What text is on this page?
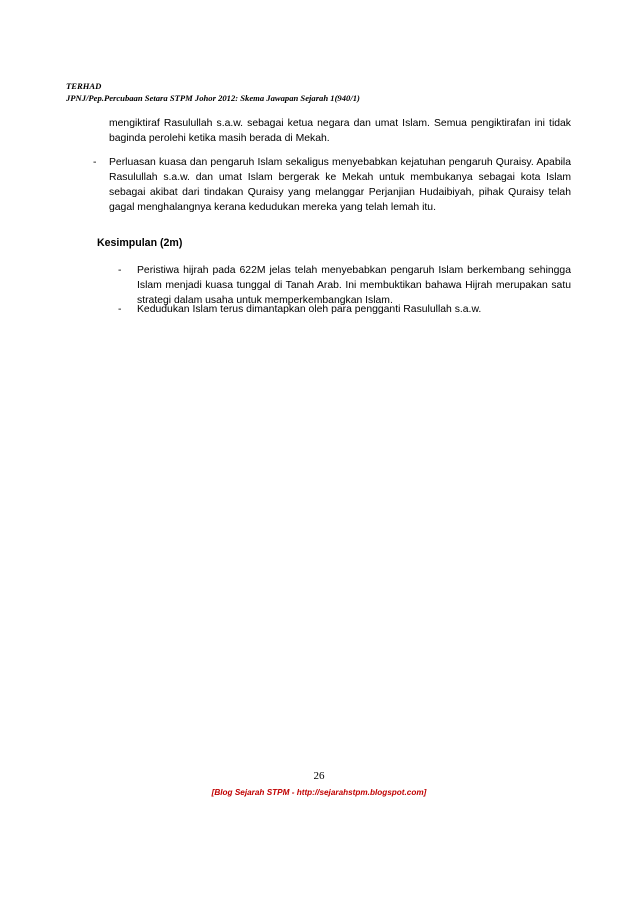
TERHAD
JPNJ/Pep.Percubaan Setara STPM Johor 2012: Skema Jawapan Sejarah 1(940/1)
mengiktiraf Rasulullah s.a.w. sebagai ketua negara dan umat Islam. Semua pengiktirafan ini tidak baginda perolehi ketika masih berada di Mekah.
- Perluasan kuasa dan pengaruh Islam sekaligus menyebabkan kejatuhan pengaruh Quraisy. Apabila Rasulullah s.a.w. dan umat Islam bergerak ke Mekah untuk membukanya sebagai kota Islam sebagai akibat dari tindakan Quraisy yang melanggar Perjanjian Hudaibiyah, pihak Quraisy telah gagal menghalangnya kerana kedudukan mereka yang telah lemah itu.
Kesimpulan (2m)
- Peristiwa hijrah pada 622M jelas telah menyebabkan pengaruh Islam berkembang sehingga Islam menjadi kuasa tunggal di Tanah Arab. Ini membuktikan bahawa Hijrah merupakan satu strategi dalam usaha untuk memperkembangkan Islam.
- Kedudukan Islam terus dimantapkan oleh para pengganti Rasulullah s.a.w.
26
[Blog Sejarah STPM - http://sejarahstpm.blogspot.com]
